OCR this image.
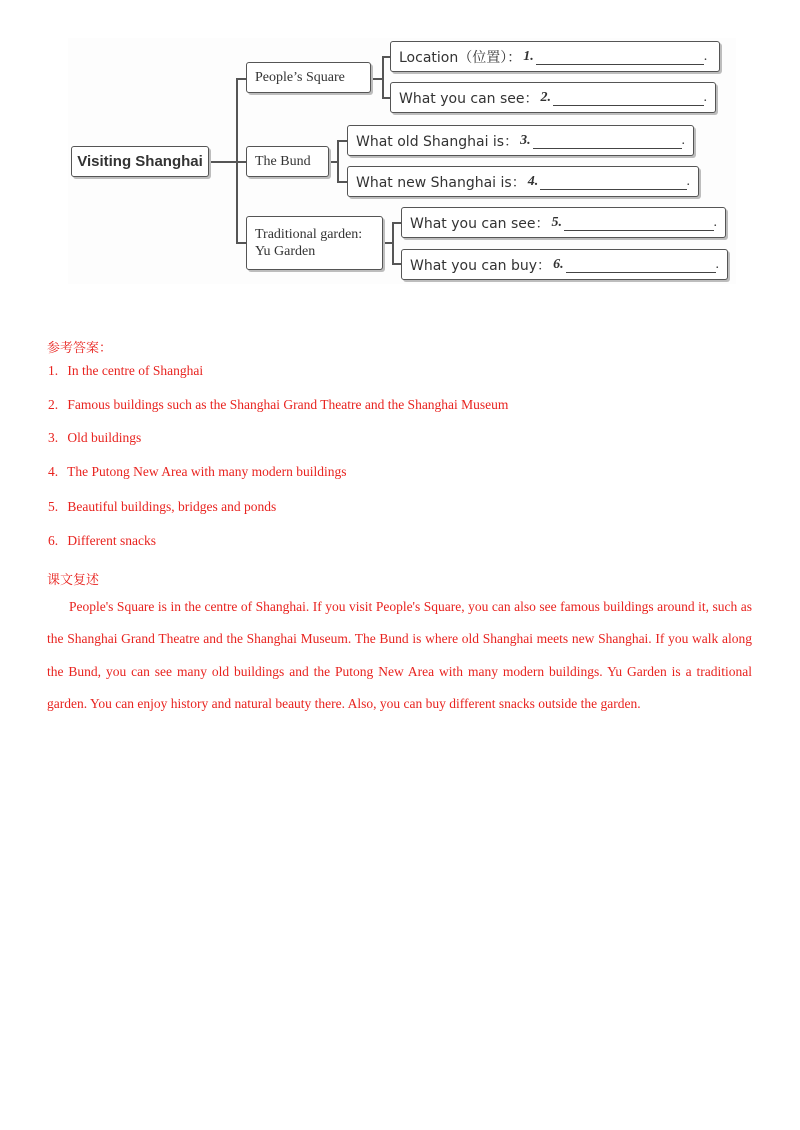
Visiting Shanghai
People’s Square
Location（位置）： 1.	.
What you can see： 2.	.
The Bund
What old Shanghai is： 3.	.
What new Shanghai is： 4.	.
Traditional garden:
Yu Garden
What you can see： 5.	.
What you can buy： 6.	.
参考答案：
1. In the centre of Shanghai
2. Famous buildings such as the Shanghai Grand Theatre and the Shanghai Museum
3. Old buildings
4. The Putong New Area with many modern buildings
5. Beautiful buildings, bridges and ponds
6. Different snacks
课文复述

People's Square is in the centre of Shanghai. If you visit People's Square, you can also see famous buildings around it, such as the Shanghai Grand Theatre and the Shanghai Museum. The Bund is where old Shanghai meets new Shanghai. If you walk along the Bund, you can see many old buildings and the Putong New Area with many modern buildings. Yu Garden is a traditional garden. You can enjoy history and natural beauty there. Also, you can buy different snacks outside the garden.
